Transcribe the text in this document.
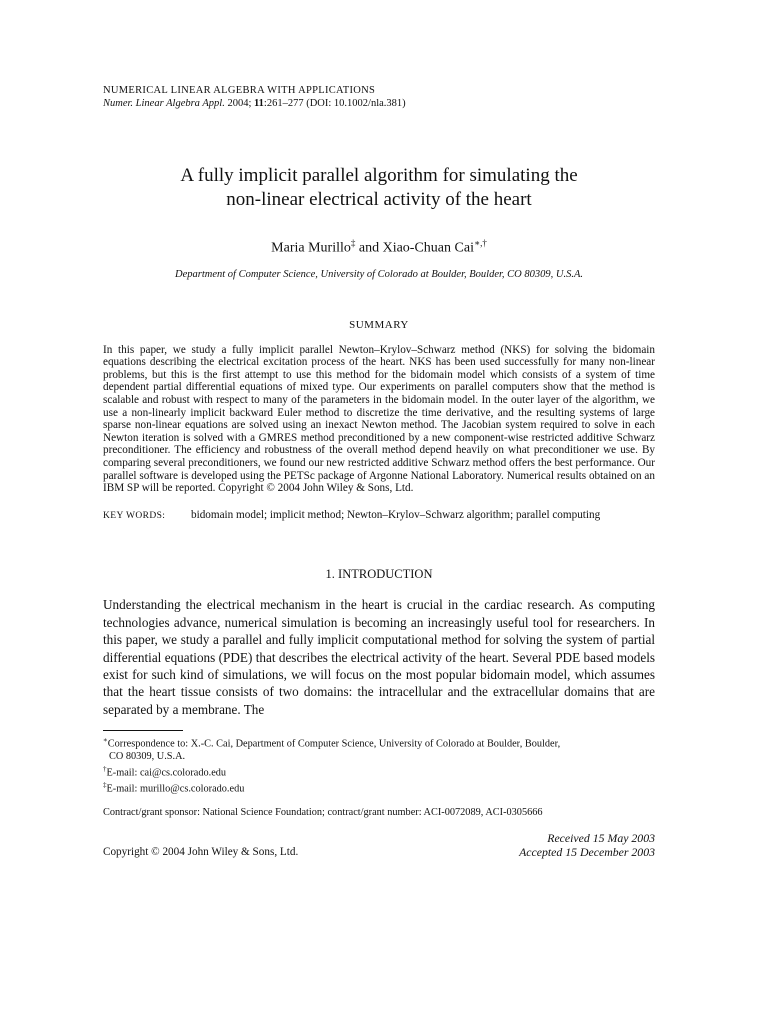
NUMERICAL LINEAR ALGEBRA WITH APPLICATIONS
Numer. Linear Algebra Appl. 2004; 11:261–277 (DOI: 10.1002/nla.381)
A fully implicit parallel algorithm for simulating the
non-linear electrical activity of the heart
Maria Murillo‡ and Xiao-Chuan Cai∗,†
Department of Computer Science, University of Colorado at Boulder, Boulder, CO 80309, U.S.A.
SUMMARY
In this paper, we study a fully implicit parallel Newton–Krylov–Schwarz method (NKS) for solving the bidomain equations describing the electrical excitation process of the heart. NKS has been used successfully for many non-linear problems, but this is the first attempt to use this method for the bidomain model which consists of a system of time dependent partial differential equations of mixed type. Our experiments on parallel computers show that the method is scalable and robust with respect to many of the parameters in the bidomain model. In the outer layer of the algorithm, we use a non-linearly implicit backward Euler method to discretize the time derivative, and the resulting systems of large sparse non-linear equations are solved using an inexact Newton method. The Jacobian system required to solve in each Newton iteration is solved with a GMRES method preconditioned by a new component-wise restricted additive Schwarz preconditioner. The efficiency and robustness of the overall method depend heavily on what preconditioner we use. By comparing several preconditioners, we found our new restricted additive Schwarz method offers the best performance. Our parallel software is developed using the PETSc package of Argonne National Laboratory. Numerical results obtained on an IBM SP will be reported. Copyright © 2004 John Wiley & Sons, Ltd.
KEY WORDS:	bidomain model; implicit method; Newton–Krylov–Schwarz algorithm; parallel computing
1. INTRODUCTION
Understanding the electrical mechanism in the heart is crucial in the cardiac research. As computing technologies advance, numerical simulation is becoming an increasingly useful tool for researchers. In this paper, we study a parallel and fully implicit computational method for solving the system of partial differential equations (PDE) that describes the electrical activity of the heart. Several PDE based models exist for such kind of simulations, we will focus on the most popular bidomain model, which assumes that the heart tissue consists of two domains: the intracellular and the extracellular domains that are separated by a membrane. The
∗Correspondence to: X.-C. Cai, Department of Computer Science, University of Colorado at Boulder, Boulder,
CO 80309, U.S.A.
†E-mail: cai@cs.colorado.edu
‡E-mail: murillo@cs.colorado.edu
Contract/grant sponsor: National Science Foundation; contract/grant number: ACI-0072089, ACI-0305666
Copyright © 2004 John Wiley & Sons, Ltd.
Received 15 May 2003
Accepted 15 December 2003
